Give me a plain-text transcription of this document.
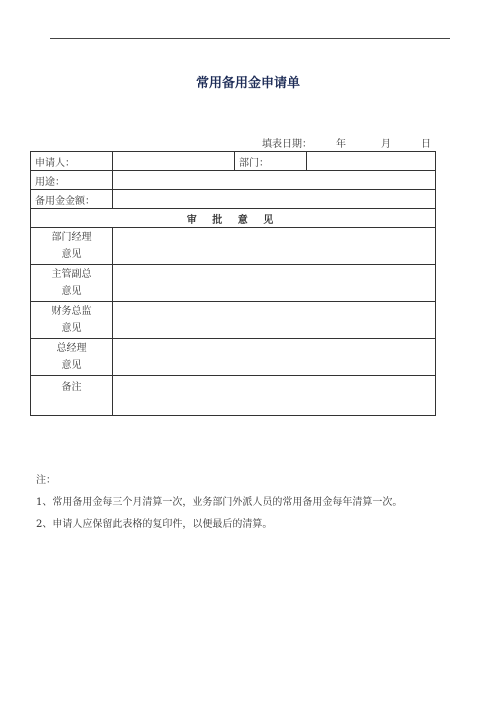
常用备用金申请单
填表日期： 年	月	日
申请人：		部门：	
用途：			
备用金金额：			
审 批 意 见			

部门经理
意见			

主管副总
意见			

财务总监
意见			

总经理
意见			

备注			

注：
1、常用备用金每三个月清算一次，业务部门外派人员的常用备用金每年清算一次。
2、申请人应保留此表格的复印件，以便最后的清算。
